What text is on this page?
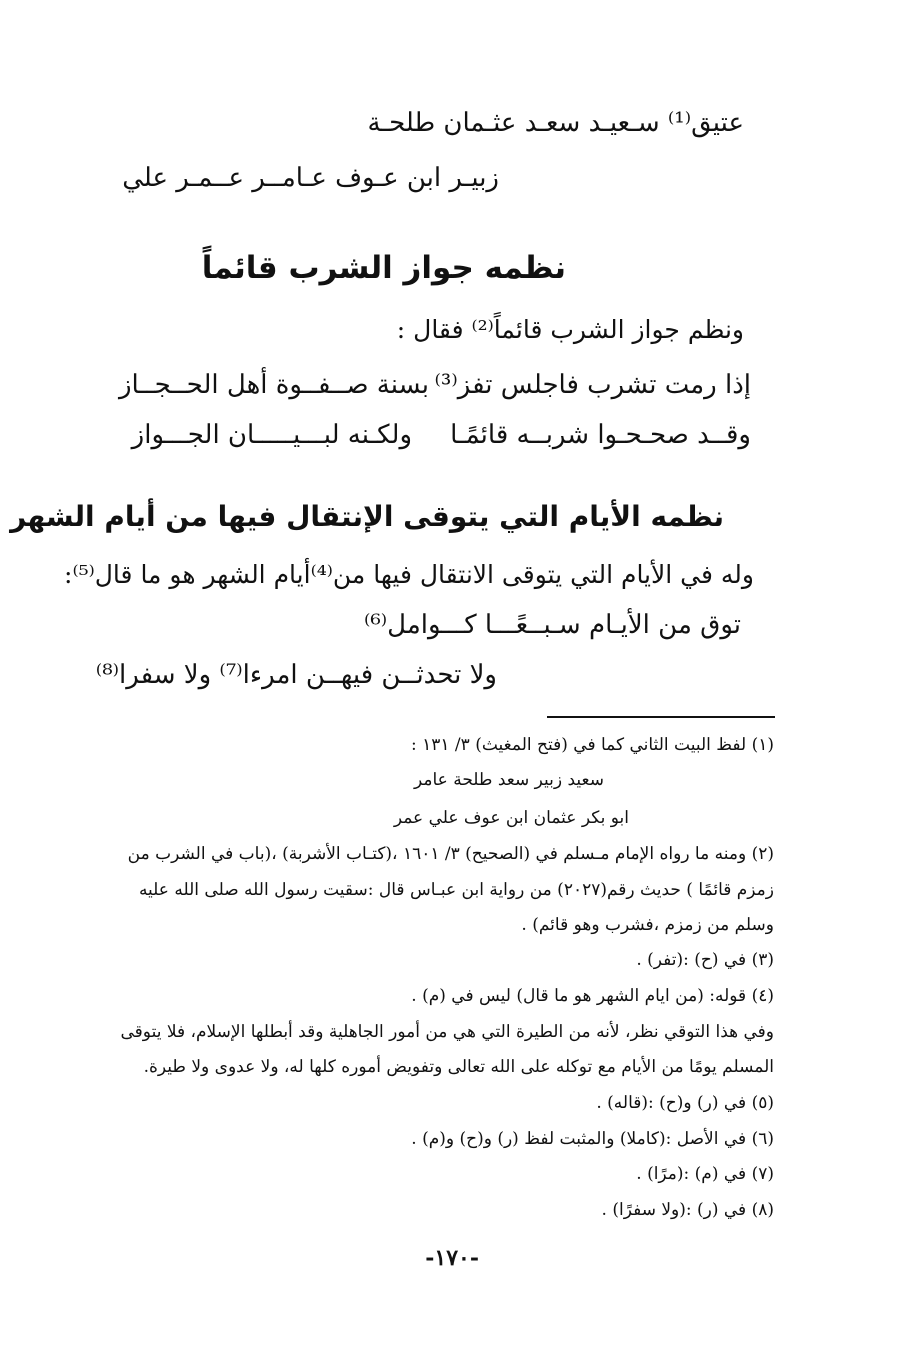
عتيق⁽¹⁾ سـعيـد سعـد عثـمان طلحـة
زبيـر ابن عـوف عـامــر عــمـر علي
نظمه جواز الشرب قائماً
ونظم جواز الشرب قائماً⁽²⁾ فقال :
إذا رمت تشرب فاجلس تفز⁽³⁾
بسنة صــفــوة أهل الحــجــاز
وقــد صحـحـوا شربــه قائمًـا
ولكـنه لبـــيـــــان الجـــواز
نظمه الأيام التي يتوقى الإنتقال فيها من أيام الشهر
وله في الأيام التي يتوقى الانتقال فيها من⁽⁴⁾أيام الشهر هو ما قال⁽⁵⁾:
توق من الأيـام سـبــعًـــا كـــوامل⁽⁶⁾
ولا تحدثــن فيهــن امرءا⁽⁷⁾ ولا سفرا⁽⁸⁾
(١) لفظ البيت الثاني كما في (فتح المغيث) ٣/ ١٣١ :
سعيد زبير سعد طلحة عامر
ابو بكر عثمان ابن عوف علي عمر
(٢) ومنه ما رواه الإمام مـسلم في (الصحيح) ٣/ ١٦٠١ ،(كتـاب الأشربة) ،(باب في الشرب من
زمزم قائمًا ) حديث رقم(٢٠٢٧) من رواية ابن عبـاس قال :سقيت رسول الله صلى الله عليه
وسلم من زمزم ،فشرب وهو قائم) .
(٣) في (ح) :(تفر) .
(٤) قوله: (من ايام الشهر هو ما قال) ليس في (م) .
وفي هذا التوقي نظر، لأنه من الطيرة التي هي من أمور الجاهلية وقد أبطلها الإسلام، فلا يتوقى
المسلم يومًا من الأيام مع توكله على الله تعالى وتفويض أموره كلها له، ولا عدوى ولا طيرة.
(٥) في (ر) و(ح) :(قاله) .
(٦) في الأصل :(كاملا) والمثبت لفظ (ر) و(ح) و(م) .
(٧) في (م) :(مرًا) .
(٨) في (ر) :(ولا سفرًا) .
-١٧٠-
